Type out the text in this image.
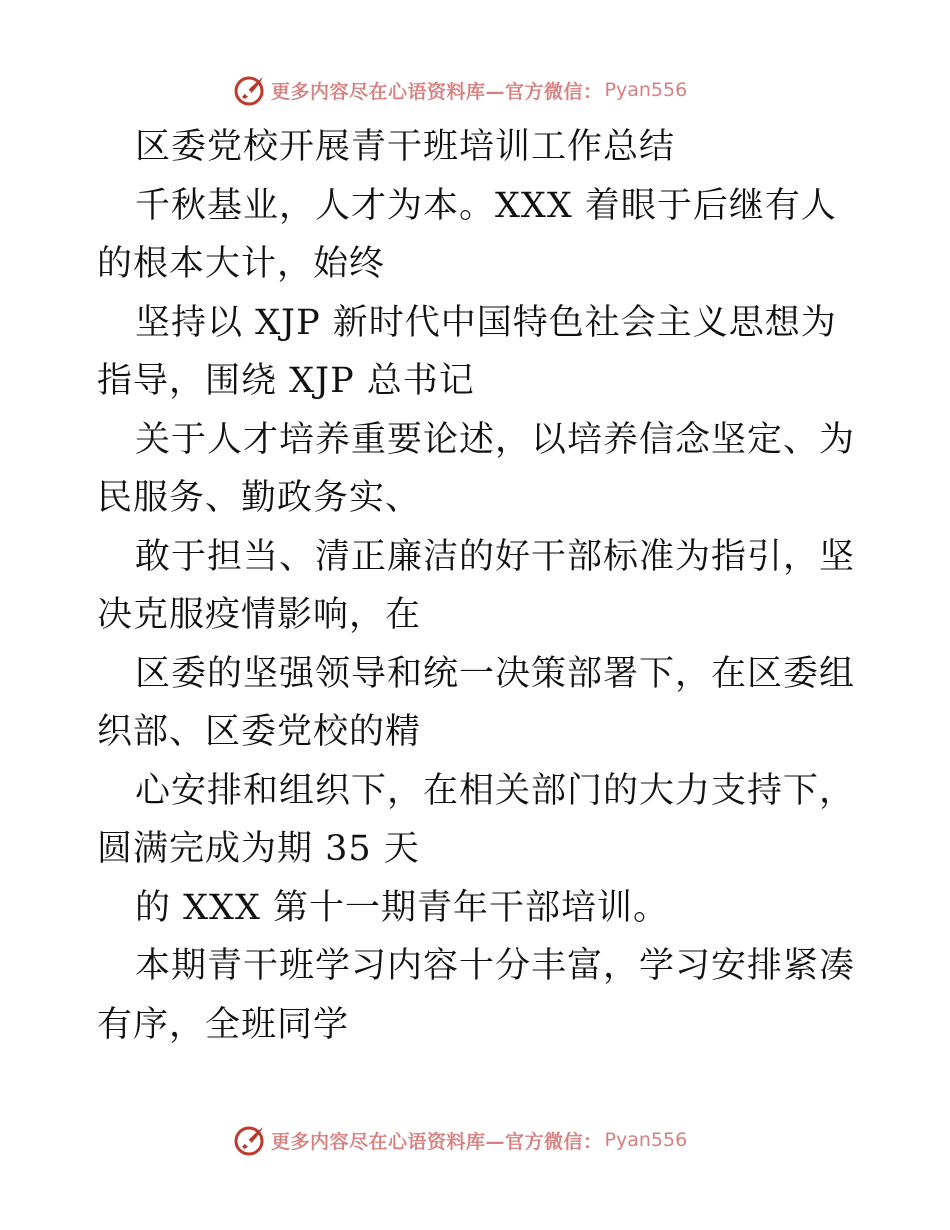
更多内容尽在心语资料库—官方微信： Pyan556

区委党校开展青干班培训工作总结

千秋基业，人才为本。XXX 着眼于后继有人的根本大计，始终

坚持以 XJP 新时代中国特色社会主义思想为指导，围绕 XJP 总书记

关于人才培养重要论述，以培养信念坚定、为民服务、勤政务实、

敢于担当、清正廉洁的好干部标准为指引，坚决克服疫情影响，在

区委的坚强领导和统一决策部署下，在区委组织部、区委党校的精

心安排和组织下，在相关部门的大力支持下，圆满完成为期 35 天

的 XXX 第十一期青年干部培训。

本期青干班学习内容十分丰富，学习安排紧凑有序，全班同学

更多内容尽在心语资料库—官方微信： Pyan556
